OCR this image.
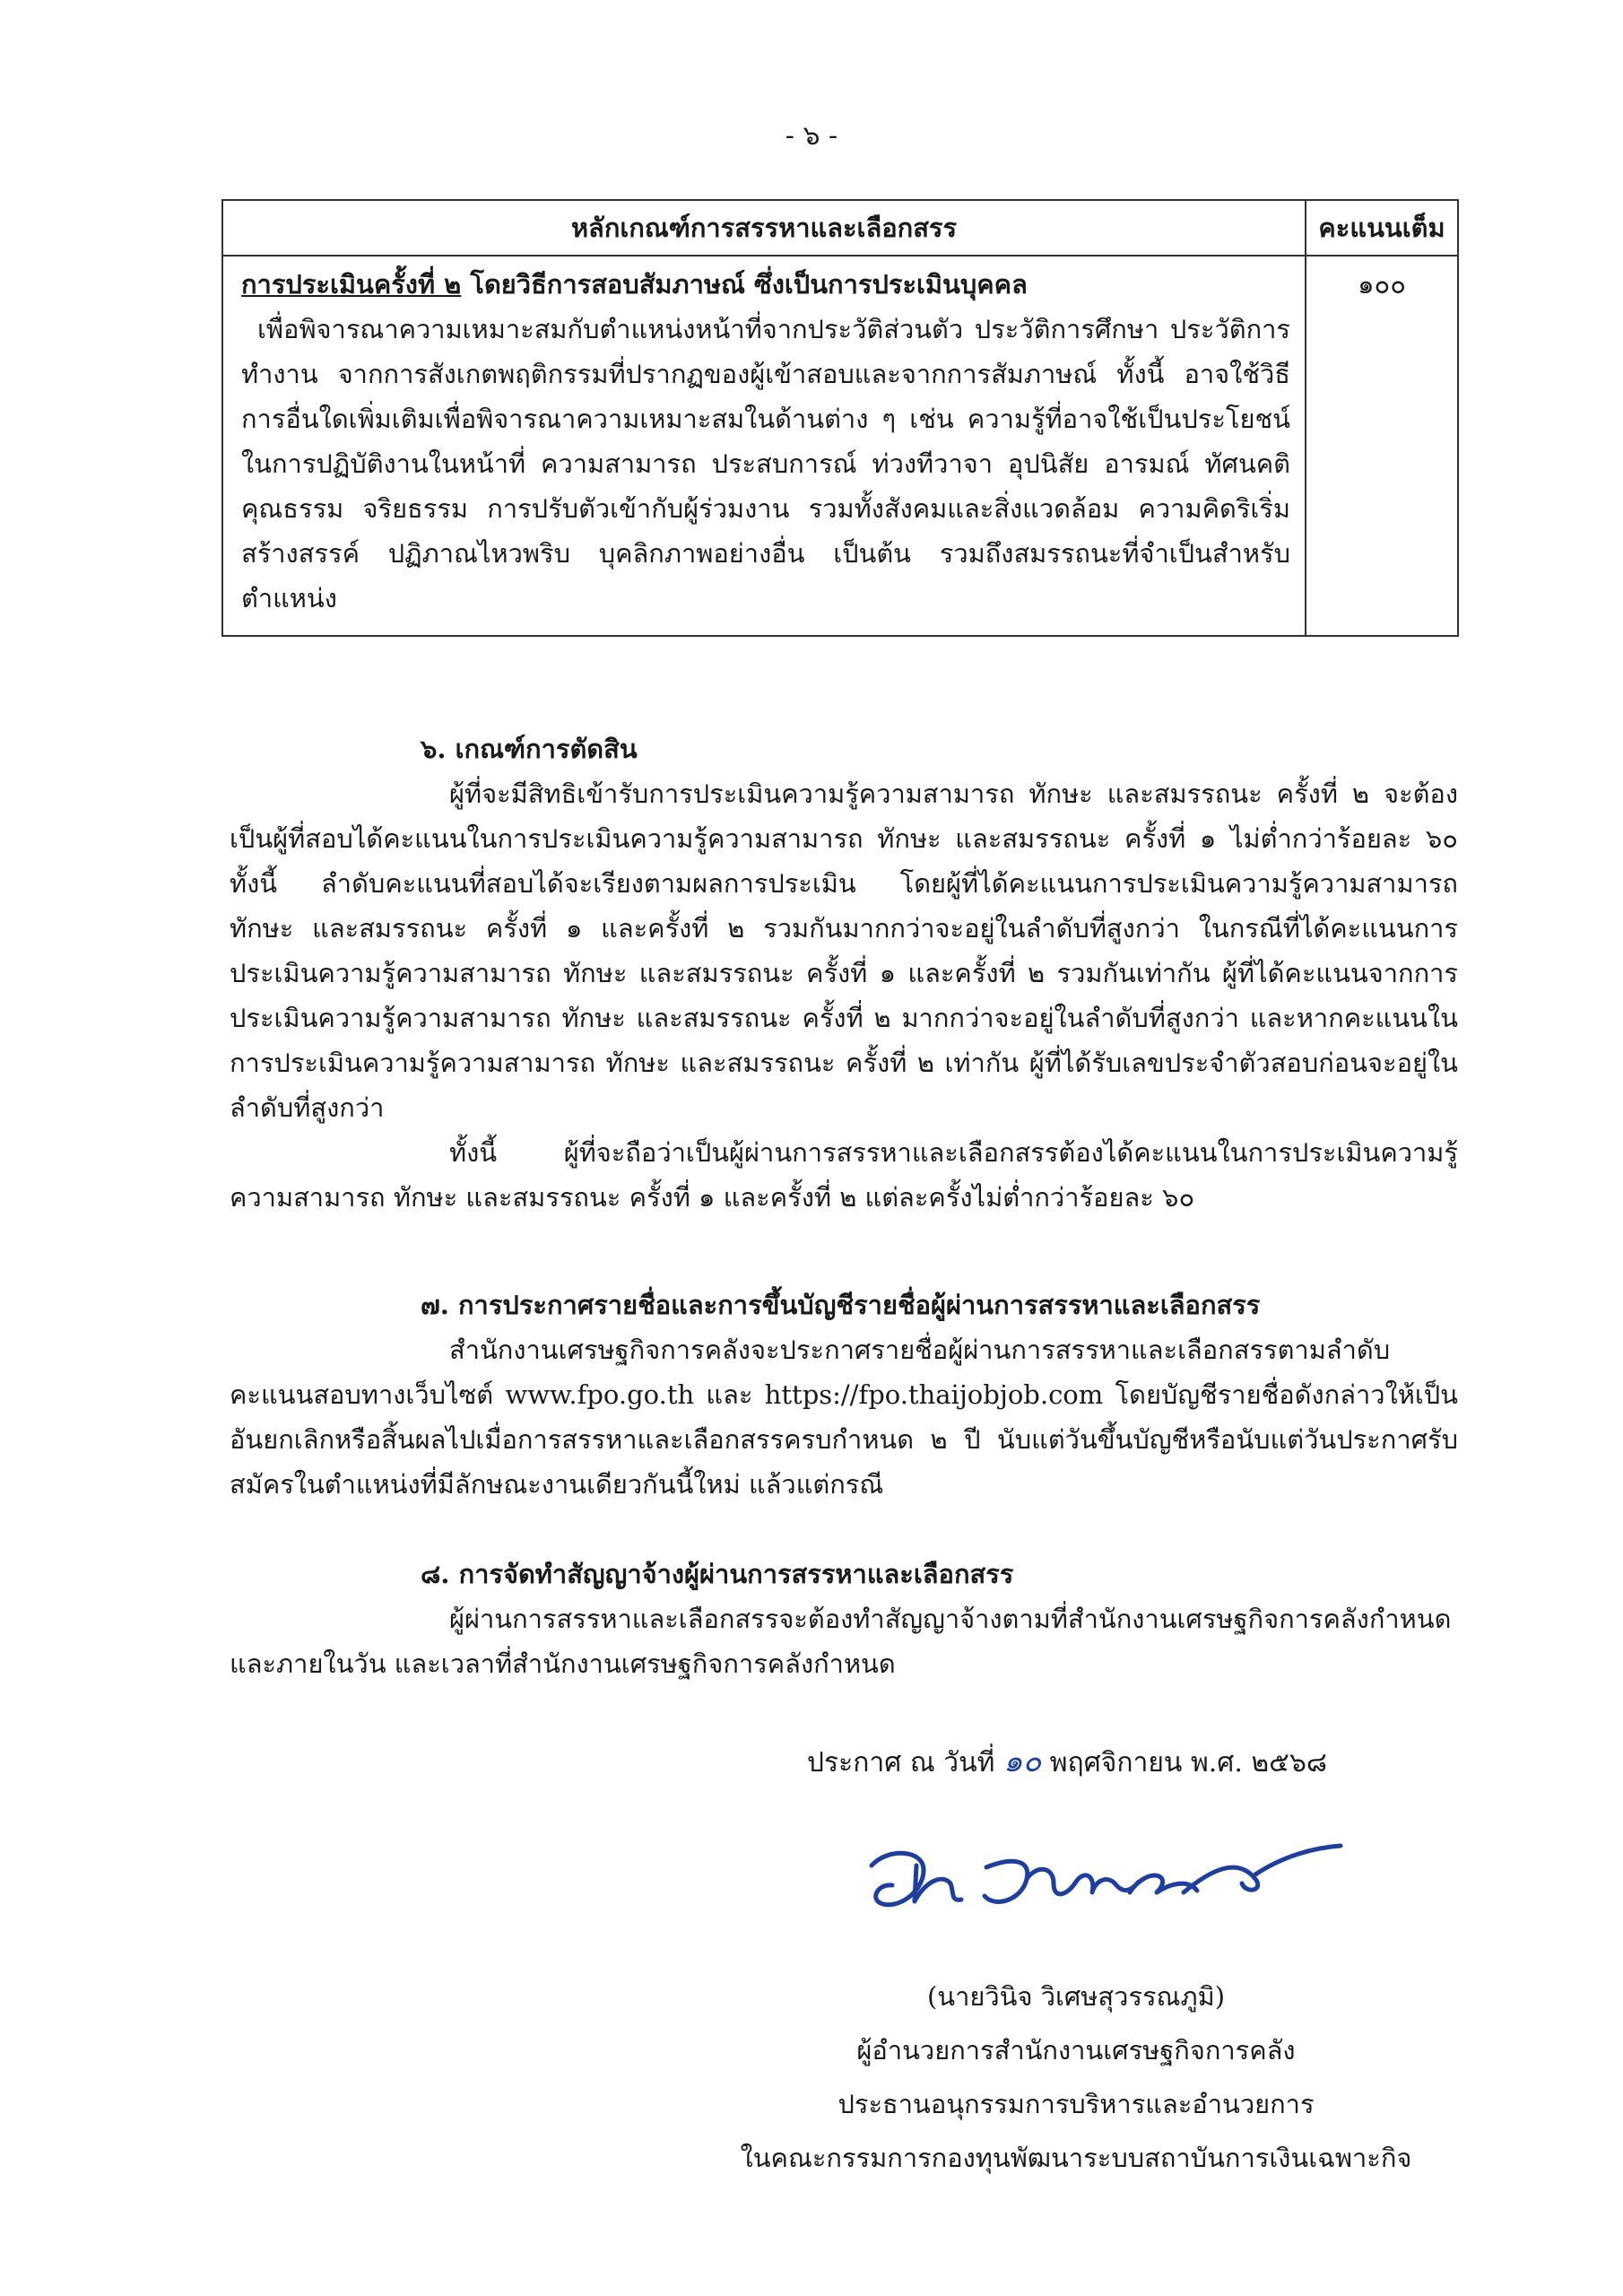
- ๖ -
หลักเกณฑ์การสรรหาและเลือกสรร	คะแนนเต็ม

การประเมินครั้งที่ ๒ โดยวิธีการสอบสัมภาษณ์ ซึ่งเป็นการประเมินบุคคล
เพื่อพิจารณาความเหมาะสมกับตำแหน่งหน้าที่จากประวัติส่วนตัว ประวัติการศึกษา ประวัติการทำงาน จากการสังเกตพฤติกรรมที่ปรากฏของผู้เข้าสอบและจากการสัมภาษณ์ ทั้งนี้ อาจใช้วิธีการอื่นใดเพิ่มเติมเพื่อพิจารณาความเหมาะสมในด้านต่าง ๆ เช่น ความรู้ที่อาจใช้เป็นประโยชน์ในการปฏิบัติงานในหน้าที่ ความสามารถ ประสบการณ์ ท่วงทีวาจา อุปนิสัย อารมณ์ ทัศนคติ คุณธรรม จริยธรรม การปรับตัวเข้ากับผู้ร่วมงาน รวมทั้งสังคมและสิ่งแวดล้อม ความคิดริเริ่มสร้างสรรค์ ปฏิภาณไหวพริบ บุคลิกภาพอย่างอื่น เป็นต้น รวมถึงสมรรถนะที่จำเป็นสำหรับตำแหน่ง	๑๐๐
๖. เกณฑ์การตัดสิน
ผู้ที่จะมีสิทธิเข้ารับการประเมินความรู้ความสามารถ ทักษะ และสมรรถนะ ครั้งที่ ๒ จะต้องเป็นผู้ที่สอบได้คะแนนในการประเมินความรู้ความสามารถ ทักษะ และสมรรถนะ ครั้งที่ ๑ ไม่ต่ำกว่าร้อยละ ๖๐ ทั้งนี้ ลำดับคะแนนที่สอบได้จะเรียงตามผลการประเมิน โดยผู้ที่ได้คะแนนการประเมินความรู้ความสามารถ ทักษะ และสมรรถนะ ครั้งที่ ๑ และครั้งที่ ๒ รวมกันมากกว่าจะอยู่ในลำดับที่สูงกว่า ในกรณีที่ได้คะแนนการประเมินความรู้ความสามารถ ทักษะ และสมรรถนะ ครั้งที่ ๑ และครั้งที่ ๒ รวมกันเท่ากัน ผู้ที่ได้คะแนนจากการประเมินความรู้ความสามารถ ทักษะ และสมรรถนะ ครั้งที่ ๒ มากกว่าจะอยู่ในลำดับที่สูงกว่า และหากคะแนนในการประเมินความรู้ความสามารถ ทักษะ และสมรรถนะ ครั้งที่ ๒ เท่ากัน ผู้ที่ได้รับเลขประจำตัวสอบก่อนจะอยู่ในลำดับที่สูงกว่า
ทั้งนี้ ผู้ที่จะถือว่าเป็นผู้ผ่านการสรรหาและเลือกสรรต้องได้คะแนนในการประเมินความรู้ความสามารถ ทักษะ และสมรรถนะ ครั้งที่ ๑ และครั้งที่ ๒ แต่ละครั้งไม่ต่ำกว่าร้อยละ ๖๐
๗. การประกาศรายชื่อและการขึ้นบัญชีรายชื่อผู้ผ่านการสรรหาและเลือกสรร
สำนักงานเศรษฐกิจการคลังจะประกาศรายชื่อผู้ผ่านการสรรหาและเลือกสรรตามลำดับคะแนนสอบทางเว็บไซต์ www.fpo.go.th และ https://fpo.thaijobjob.com โดยบัญชีรายชื่อดังกล่าวให้เป็นอันยกเลิกหรือสิ้นผลไปเมื่อการสรรหาและเลือกสรรครบกำหนด ๒ ปี นับแต่วันขึ้นบัญชีหรือนับแต่วันประกาศรับสมัครในตำแหน่งที่มีลักษณะงานเดียวกันนี้ใหม่ แล้วแต่กรณี
๘. การจัดทำสัญญาจ้างผู้ผ่านการสรรหาและเลือกสรร
ผู้ผ่านการสรรหาและเลือกสรรจะต้องทำสัญญาจ้างตามที่สำนักงานเศรษฐกิจการคลังกำหนดและภายในวัน และเวลาที่สำนักงานเศรษฐกิจการคลังกำหนด
ประกาศ ณ วันที่ ๑๐ พฤศจิกายน พ.ศ. ๒๕๖๘
(นายวินิจ วิเศษสุวรรณภูมิ)
ผู้อำนวยการสำนักงานเศรษฐกิจการคลัง
ประธานอนุกรรมการบริหารและอำนวยการ
ในคณะกรรมการกองทุนพัฒนาระบบสถาบันการเงินเฉพาะกิจ
